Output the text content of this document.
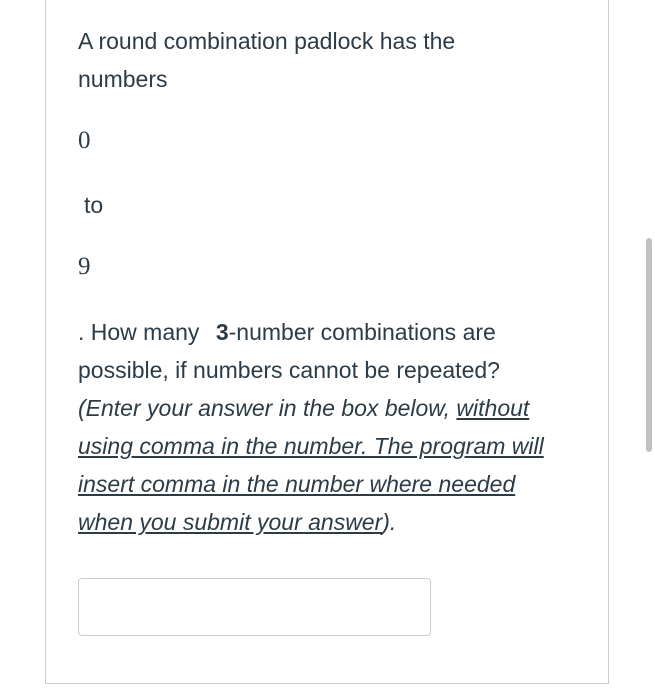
A round combination padlock has the
numbers
0
to
9
. How many 3-number combinations are
possible, if numbers cannot be repeated?
(Enter your answer in the box below, without
using comma in the number. The program will
insert comma in the number where needed
when you submit your answer).
